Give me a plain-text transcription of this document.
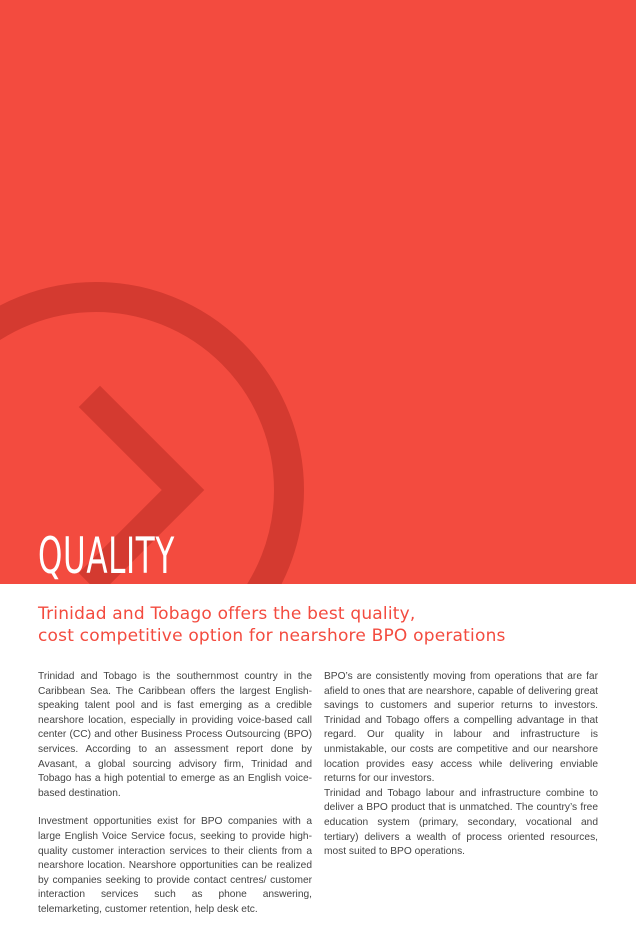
QUALITY
Trinidad and Tobago offers the best quality,
cost competitive option for nearshore BPO operations

Trinidad and Tobago is the southernmost country in the Caribbean Sea. The Caribbean offers the largest English-speaking talent pool and is fast emerging as a credible nearshore location, especially in providing voice-based call center (CC) and other Business Process Outsourcing (BPO) services. According to an assessment report done by Avasant, a global sourcing advisory firm, Trinidad and Tobago has a high potential to emerge as an English voice-based destination.

Investment opportunities exist for BPO companies with a large English Voice Service focus, seeking to provide high-quality customer interaction services to their clients from a nearshore location. Nearshore opportunities can be realized by companies seeking to provide contact centres/ customer interaction services such as phone answering, telemarketing, customer retention, help desk etc.

BPO’s are consistently moving from operations that are far afield to ones that are nearshore, capable of delivering great savings to customers and superior returns to investors. Trinidad and Tobago offers a compelling advantage in that regard. Our quality in labour and infrastructure is unmistakable, our costs are competitive and our nearshore location provides easy access while delivering enviable returns for our investors.

Trinidad and Tobago labour and infrastructure combine to deliver a BPO product that is unmatched. The country’s free education system (primary, secondary, vocational and tertiary) delivers a wealth of process oriented resources, most suited to BPO operations.
